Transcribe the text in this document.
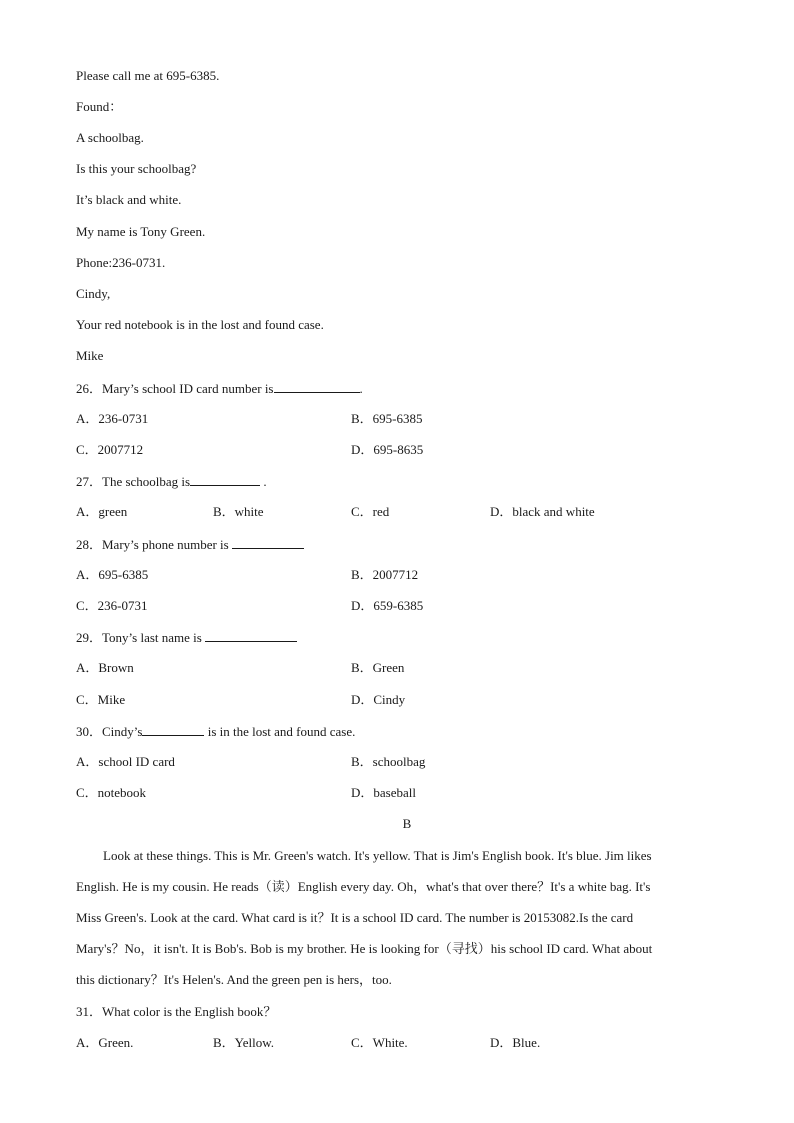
Please call me at 695-6385.
Found：
A schoolbag.
Is this your schoolbag?
It’s black and white.
My name is Tony Green.
Phone:236-0731.
Cindy,
Your red notebook is in the lost and found case.
Mike
26．Mary’s school ID card number is	.
A．236-0731	B．695-6385
C．2007712	D．695-8635
27．The schoolbag is	.
A．green	B．white	C．red	D．black and white
28．Mary’s phone number is
A．695-6385	B．2007712
C．236-0731	D．659-6385
29．Tony’s last name is
A．Brown	B．Green
C．Mike	D．Cindy
30．Cindy’s	is in the lost and found case.
A．school ID card	B．schoolbag
C．notebook	D．baseball
B
Look at these things. This is Mr. Green's watch. It's yellow. That is Jim's English book. It's blue. Jim likes
English. He is my cousin. He reads（读）English every day. Oh，what's that over there？It's a white bag. It's
Miss Green's. Look at the card. What card is it？It is a school ID card. The number is 20153082.Is the card
Mary's？No，it isn't. It is Bob's. Bob is my brother. He is looking for（寻找）his school ID card. What about
this dictionary？It's Helen's. And the green pen is hers，too.
31．What color is the English book？
A．Green.	B．Yellow.	C．White.	D．Blue.
